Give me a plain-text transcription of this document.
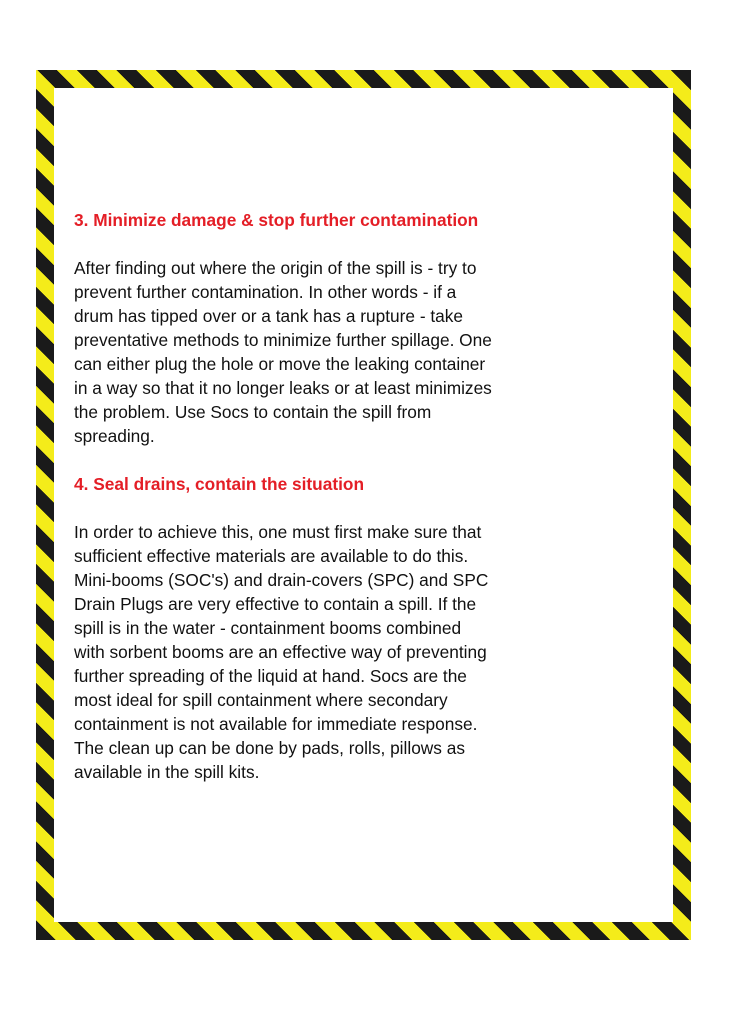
3. Minimize damage & stop further contamination

After finding out where the origin of the spill is - try to
prevent further contamination. In other words - if a
drum has tipped over or a tank has a rupture - take
preventative methods to minimize further spillage. One
can either plug the hole or move the leaking container
in a way so that it no longer leaks or at least minimizes
the problem. Use Socs to contain the spill from
spreading.

4. Seal drains, contain the situation

In order to achieve this, one must first make sure that
sufficient effective materials are available to do this.
Mini-booms (SOC's) and drain-covers (SPC) and SPC
Drain Plugs are very effective to contain a spill. If the
spill is in the water - containment booms combined
with sorbent booms are an effective way of preventing
further spreading of the liquid at hand. Socs are the
most ideal for spill containment where secondary
containment is not available for immediate response.
The clean up can be done by pads, rolls, pillows as
available in the spill kits.
